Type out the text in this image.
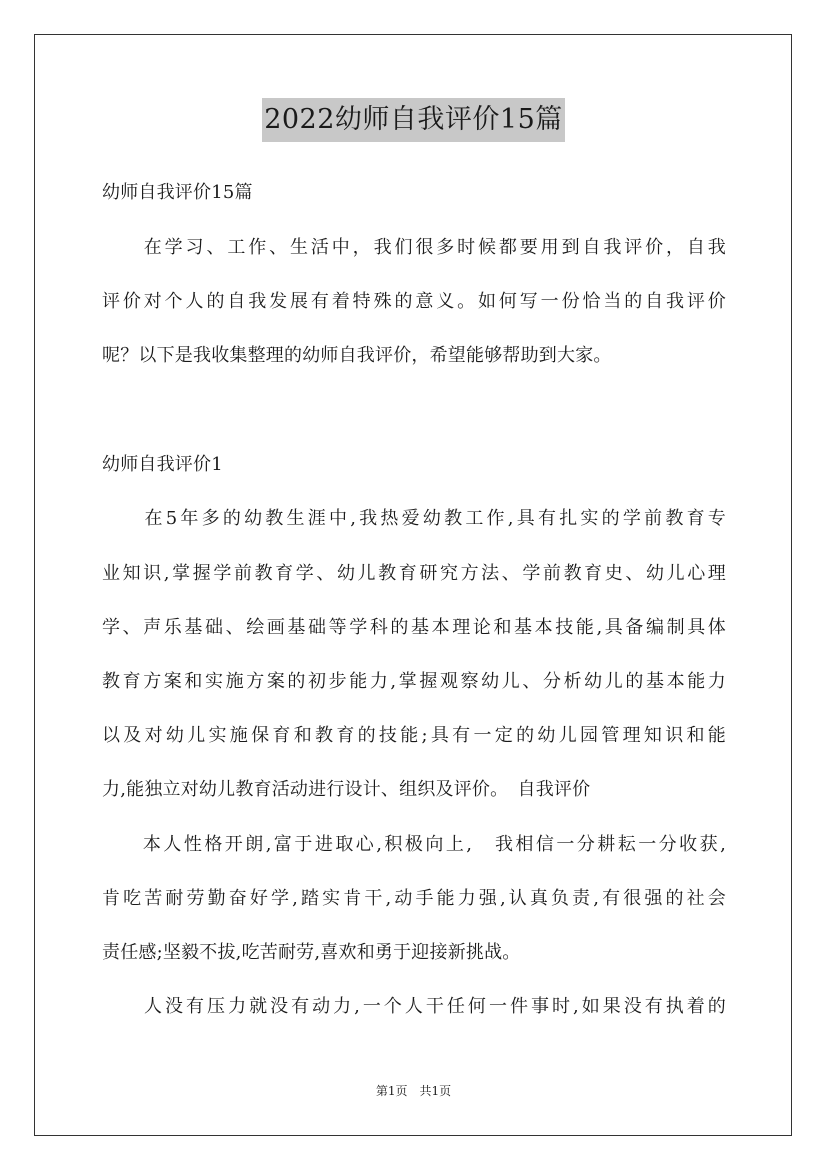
2022幼师自我评价15篇
幼师自我评价15篇
　　在学习、工作、生活中，我们很多时候都要用到自我评价，自我
评价对个人的自我发展有着特殊的意义。如何写一份恰当的自我评价
呢？以下是我收集整理的幼师自我评价，希望能够帮助到大家。
幼师自我评价1
　　在5年多的幼教生涯中,我热爱幼教工作,具有扎实的学前教育专
业知识,掌握学前教育学、幼儿教育研究方法、学前教育史、幼儿心理
学、声乐基础、绘画基础等学科的基本理论和基本技能,具备编制具体
教育方案和实施方案的初步能力,掌握观察幼儿、分析幼儿的基本能力
以及对幼儿实施保育和教育的技能;具有一定的幼儿园管理知识和能
力,能独立对幼儿教育活动进行设计、组织及评价。　自我评价
　　本人性格开朗,富于进取心,积极向上,　我相信一分耕耘一分收获,
肯吃苦耐劳勤奋好学,踏实肯干,动手能力强,认真负责,有很强的社会
责任感;坚毅不拔,吃苦耐劳,喜欢和勇于迎接新挑战。
　　人没有压力就没有动力,一个人干任何一件事时,如果没有执着的
第1页　共1页
